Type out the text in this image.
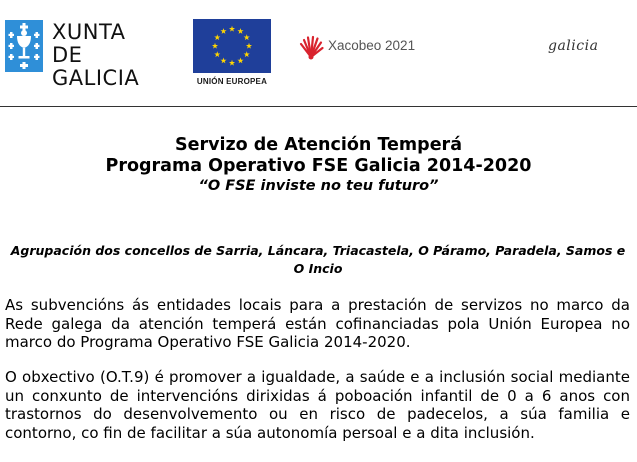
XUNTA
DE GALICIA	UNIÓN EUROPEA
Xacobeo 2021	galicia

Servizo de Atención Temperá

Programa Operativo FSE Galicia 2014-2020

“O FSE inviste no teu futuro”

Agrupación dos concellos de Sarria, Láncara, Triacastela, O Páramo, Paradela, Samos e O Incio

As subvencións ás entidades locais para a prestación de servizos no marco da Rede galega da atención temperá están cofinanciadas pola Unión Europea no marco do Programa Operativo FSE Galicia 2014-2020.

O obxectivo (O.T.9) é promover a igualdade, a saúde e a inclusión social mediante un conxunto de intervencións dirixidas á poboación infantil de 0 a 6 anos con trastornos do desenvolvemento ou en risco de padecelos, a súa familia e contorno, co fin de facilitar a súa autonomía persoal e a dita inclusión.
